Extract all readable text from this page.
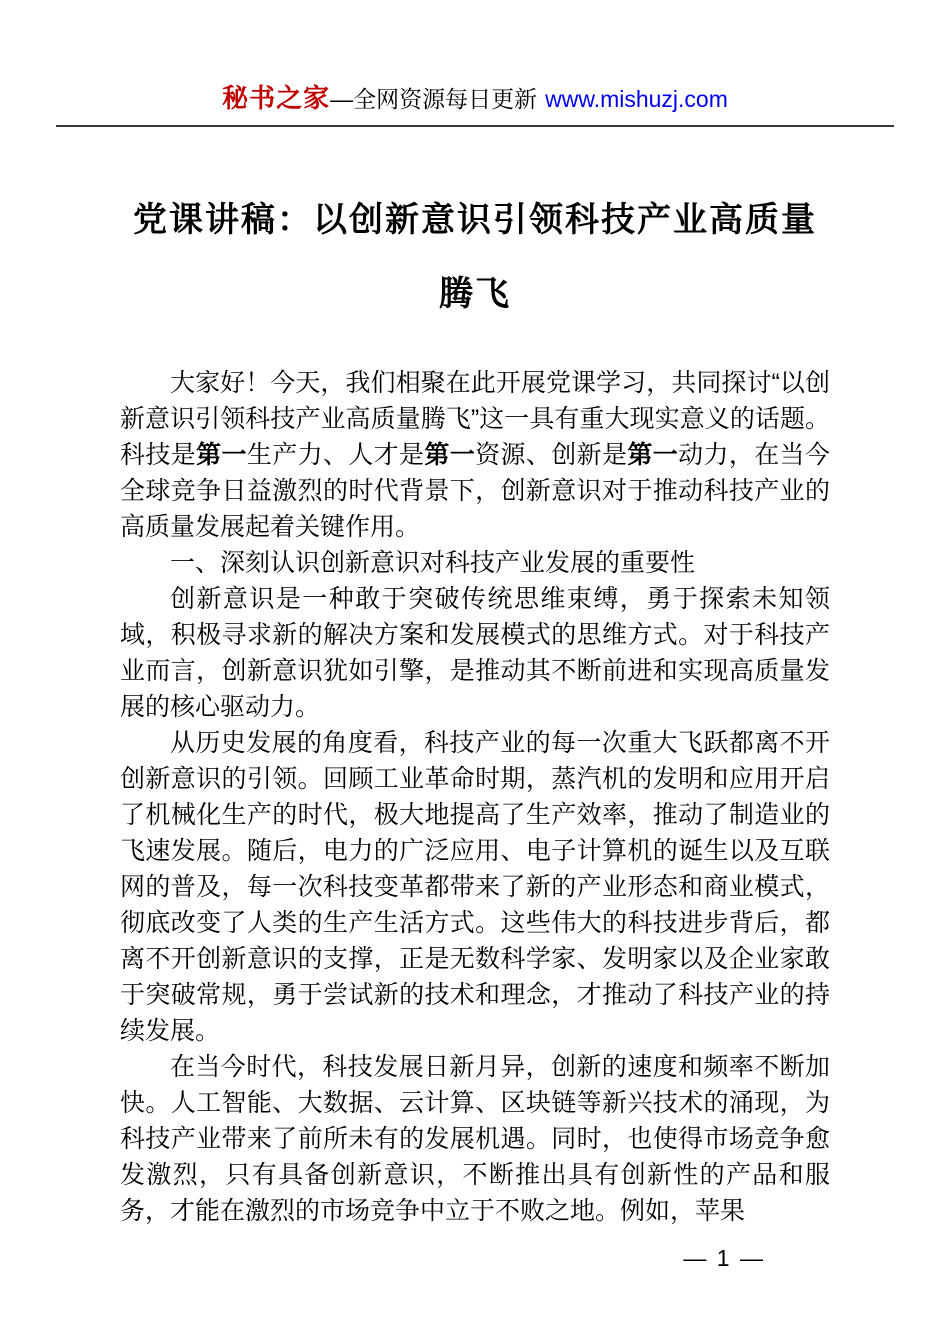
秘书之家—全网资源每日更新 www.mishuzj.com
党课讲稿：以创新意识引领科技产业高质量腾飞

大家好！今天，我们相聚在此开展党课学习，共同探讨“以创新意识引领科技产业高质量腾飞”这一具有重大现实意义的话题。科技是第一生产力、人才是第一资源、创新是第一动力，在当今全球竞争日益激烈的时代背景下，创新意识对于推动科技产业的高质量发展起着关键作用。

一、深刻认识创新意识对科技产业发展的重要性

创新意识是一种敢于突破传统思维束缚，勇于探索未知领域，积极寻求新的解决方案和发展模式的思维方式。对于科技产业而言，创新意识犹如引擎，是推动其不断前进和实现高质量发展的核心驱动力。

从历史发展的角度看，科技产业的每一次重大飞跃都离不开创新意识的引领。回顾工业革命时期，蒸汽机的发明和应用开启了机械化生产的时代，极大地提高了生产效率，推动了制造业的飞速发展。随后，电力的广泛应用、电子计算机的诞生以及互联网的普及，每一次科技变革都带来了新的产业形态和商业模式，彻底改变了人类的生产生活方式。这些伟大的科技进步背后，都离不开创新意识的支撑，正是无数科学家、发明家以及企业家敢于突破常规，勇于尝试新的技术和理念，才推动了科技产业的持续发展。

在当今时代，科技发展日新月异，创新的速度和频率不断加快。人工智能、大数据、云计算、区块链等新兴技术的涌现，为科技产业带来了前所未有的发展机遇。同时，也使得市场竞争愈发激烈，只有具备创新意识，不断推出具有创新性的产品和服务，才能在激烈的市场竞争中立于不败之地。例如，苹果

— 1 —
